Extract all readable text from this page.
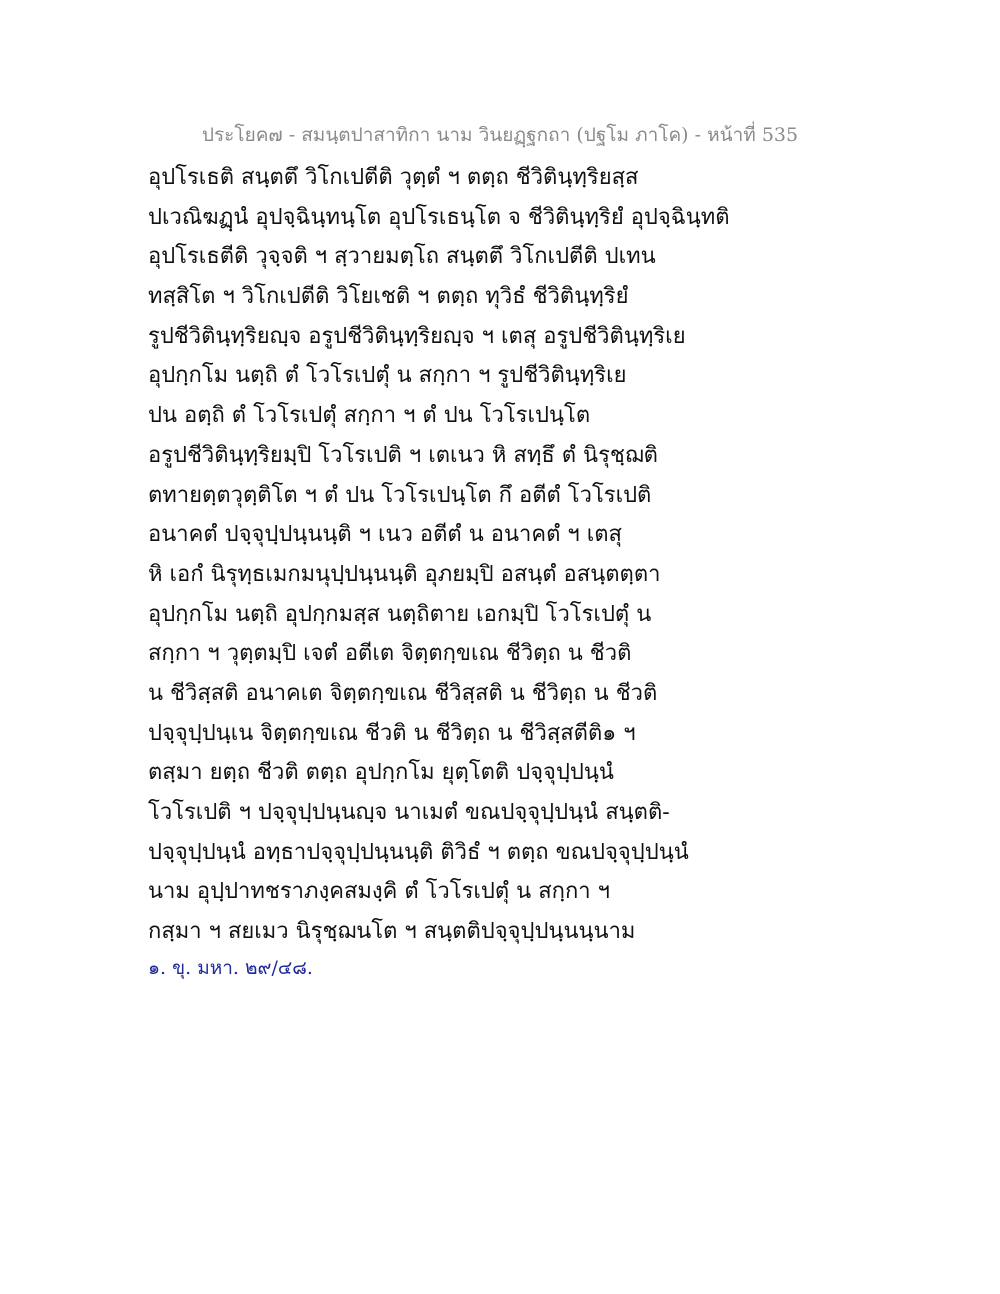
ประโยค๗ - สมนฺตปาสาทิกา นาม วินยฏฺฐกถา (ปฐโม ภาโค) - หน้าที่ 535
อุปโรเธติ สนฺตตึ วิโกเปตีติ วุตฺตํ ฯ ตตฺถ ชีวิตินฺทฺริยสฺส
ปเวณิฆฏฺนํ อุปจฺฉินฺทนฺโต อุปโรเธนฺโต จ ชีวิตินฺทฺริยํ อุปจฺฉินฺทติ
อุปโรเธตีติ วุจฺจติ ฯ สฺวายมตฺโถ สนฺตตึ วิโกเปตีติ ปเทน
ทสฺสิโต ฯ วิโกเปตีติ วิโยเชติ ฯ ตตฺถ ทุวิธํ ชีวิตินฺทฺริยํ
รูปชีวิตินฺทฺริยญฺจ อรูปชีวิตินฺทฺริยญฺจ ฯ เตสุ อรูปชีวิตินฺทฺริเย
อุปกฺกโม นตฺถิ ตํ โวโรเปตุํ น สกฺกา ฯ รูปชีวิตินฺทฺริเย
ปน อตฺถิ ตํ โวโรเปตุํ สกฺกา ฯ ตํ ปน โวโรเปนฺโต
อรูปชีวิตินฺทฺริยมฺปิ โวโรเปติ ฯ เตเนว หิ สทฺธึ ตํ นิรุชฺฌติ
ตทายตฺตวุตฺติโต ฯ ตํ ปน โวโรเปนฺโต กึ อตีตํ โวโรเปติ
อนาคตํ ปจฺจุปฺปนฺนนฺติ ฯ เนว อตีตํ น อนาคตํ ฯ เตสุ
หิ เอกํ นิรุทฺธเมกมนุปฺปนฺนนฺติ อุภยมฺปิ อสนฺตํ อสนฺตตฺตา
อุปกฺกโม นตฺถิ อุปกฺกมสฺส นตฺถิตาย เอกมฺปิ โวโรเปตุํ น
สกฺกา ฯ วุตฺตมฺปิ เจตํ อตีเต จิตฺตกฺขเณ ชีวิตฺถ น ชีวติ
น ชีวิสฺสติ อนาคเต จิตฺตกฺขเณ ชีวิสฺสติ น ชีวิตฺถ น ชีวติ
ปจฺจุปฺปนฺเน จิตฺตกฺขเณ ชีวติ น ชีวิตฺถ น ชีวิสฺสตีติ๑ ฯ
ตสฺมา ยตฺถ ชีวติ ตตฺถ อุปกฺกโม ยุตฺโตติ ปจฺจุปฺปนฺนํ
โวโรเปติ ฯ ปจฺจุปฺปนฺนญฺจ นาเมตํ ขณปจฺจุปฺปนฺนํ สนฺตติ-
ปจฺจุปฺปนฺนํ อทฺธาปจฺจุปฺปนฺนนฺติ ติวิธํ ฯ ตตฺถ ขณปจฺจุปฺปนฺนํ
นาม อุปฺปาทชราภงฺคสมงฺคิ ตํ โวโรเปตุํ น สกฺกา ฯ
กสฺมา ฯ สยเมว นิรุชฺฌนโต ฯ สนฺตติปจฺจุปฺปนฺนนฺนาม
๑. ขุ. มหา. ๒๙/๔๘.
